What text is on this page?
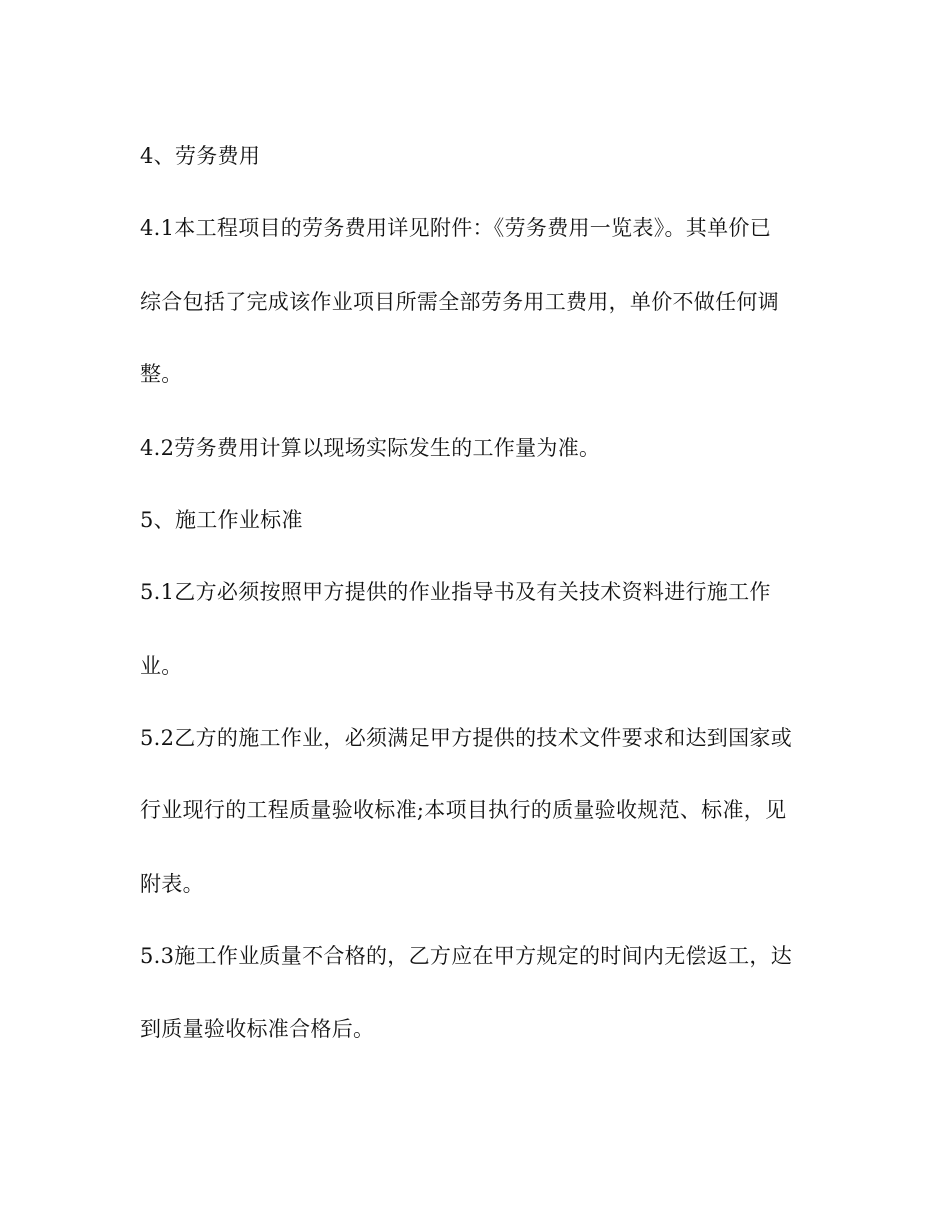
4、劳务费用
4.1本工程项目的劳务费用详见附件：《劳务费用一览表》。其单价已
综合包括了完成该作业项目所需全部劳务用工费用，单价不做任何调
整。
4.2劳务费用计算以现场实际发生的工作量为准。
5、施工作业标准
5.1乙方必须按照甲方提供的作业指导书及有关技术资料进行施工作
业。
5.2乙方的施工作业，必须满足甲方提供的技术文件要求和达到国家或
行业现行的工程质量验收标准;本项目执行的质量验收规范、标准，见
附表。
5.3施工作业质量不合格的，乙方应在甲方规定的时间内无偿返工，达
到质量验收标准合格后。
